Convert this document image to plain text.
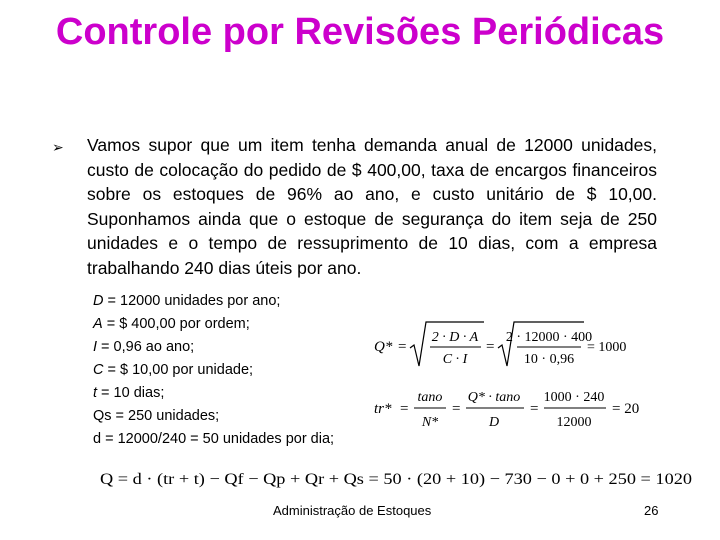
Controle por Revisões Periódicas
➢ Vamos supor que um item tenha demanda anual de 12000 unidades, custo de colocação do pedido de $ 400,00, taxa de encargos financeiros sobre os estoques de 96% ao ano, e custo unitário de $ 10,00. Suponhamos ainda que o estoque de segurança do item seja de 250 unidades e o tempo de ressuprimento de 10 dias, com a empresa trabalhando 240 dias úteis por ano.
D = 12000 unidades por ano;
A = $ 400,00 por ordem;
I = 0,96 ao ano;
C = $ 10,00 por unidade;
t = 10 dias;
Qs = 250 unidades;
d = 12000/240 = 50 unidades por dia;
Q* =
2 · D · A
C · I
=
2 · 12000 · 400
10 · 0,96
= 1000
tr* =
tano
N*
=
Q* · tano
D
=
1000 · 240
12000
= 20
Q = d · (tr + t) − Qf − Qp + Qr + Qs = 50 · (20 + 10) − 730 − 0 + 0 + 250 = 1020
Administração de Estoques	26
